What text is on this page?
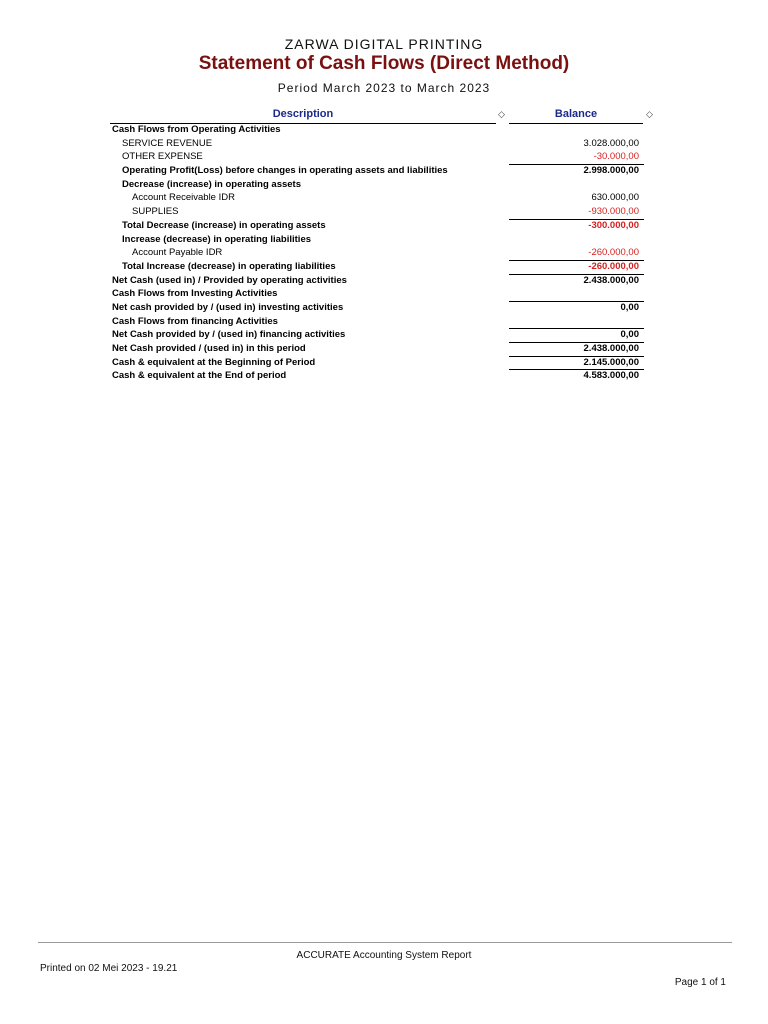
ZARWA DIGITAL PRINTING
Statement of Cash Flows (Direct Method)
Period March 2023 to March 2023
Description	◇	Balance	◇
Cash Flows from Operating Activities
SERVICE REVENUE	3.028.000,00
OTHER EXPENSE	-30.000,00
Operating Profit(Loss) before changes in operating assets and liabilities	2.998.000,00
Decrease (increase) in operating assets
Account Receivable IDR	630.000,00
SUPPLIES	-930.000,00
Total Decrease (increase) in operating assets	-300.000,00
Increase (decrease) in operating liabilities
Account Payable IDR	-260.000,00
Total Increase (decrease) in operating liabilities	-260.000,00
Net Cash (used in) / Provided by operating activities	2.438.000,00
Cash Flows from Investing Activities
Net cash provided by / (used in) investing activities	0,00
Cash Flows from financing Activities
Net Cash provided by / (used in) financing activities	0,00
Net Cash provided / (used in) in this period	2.438.000,00
Cash & equivalent at the Beginning of Period	2.145.000,00
Cash & equivalent at the End of period	4.583.000,00
ACCURATE Accounting System Report
Printed on 02 Mei 2023 - 19.21
Page 1 of 1
